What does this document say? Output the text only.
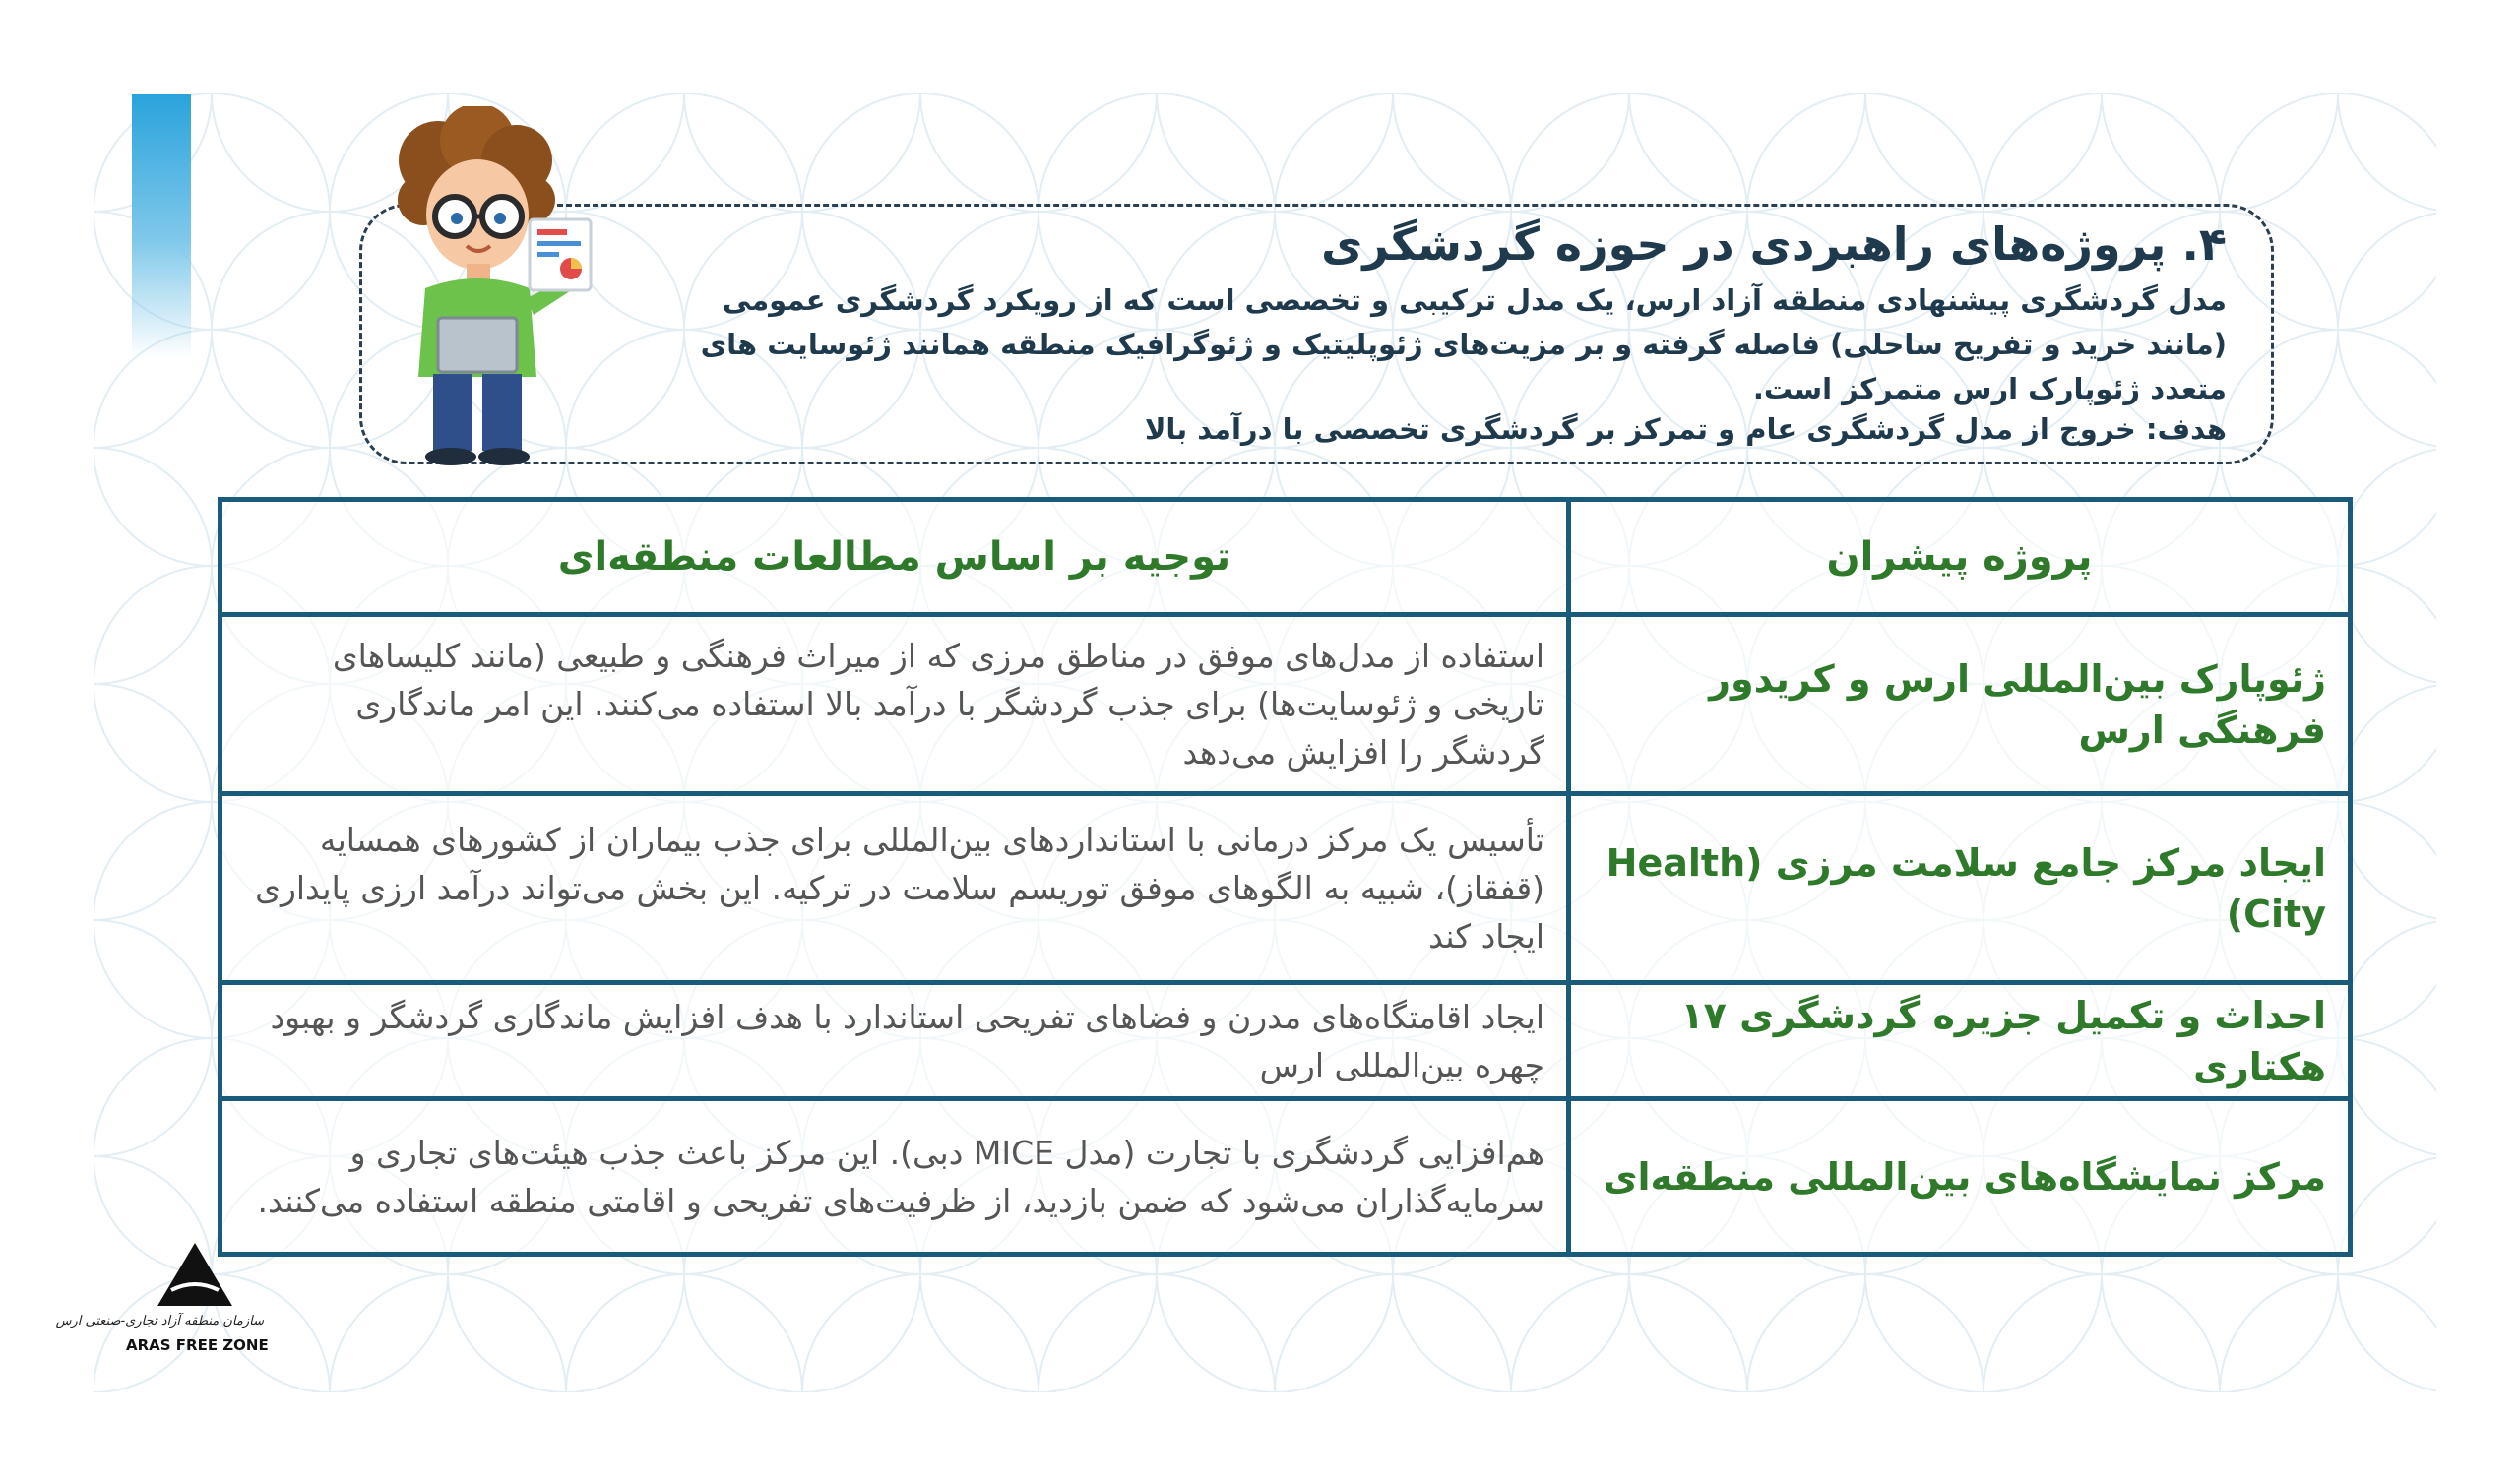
۴. پروژه‌های راهبردی در حوزه گردشگری
مدل گردشگری پیشنهادی منطقه آزاد ارس، یک مدل ترکیبی و تخصصی است که از رویکرد گردشگری عمومی (مانند خرید و تفریح ساحلی) فاصله گرفته و بر مزیت‌های ژئوپلیتیک و ژئوگرافیک منطقه همانند ژئوسایت های متعدد ژئوپارک ارس متمرکز است.
هدف: خروج از مدل گردشگری عام و تمرکز بر گردشگری تخصصی با درآمد بالا
پروژه پیشران	توجیه بر اساس مطالعات منطقه‌ای
ژئوپارک بین‌المللی ارس و کریدور فرهنگی ارس	استفاده از مدل‌های موفق در مناطق مرزی که از میراث فرهنگی و طبیعی (مانند کلیساهای تاریخی و ژئوسایت‌ها) برای جذب گردشگر با درآمد بالا استفاده می‌کنند. این امر ماندگاری گردشگر را افزایش می‌دهد
ایجاد مرکز جامع سلامت مرزی (Health City)	تأسیس یک مرکز درمانی با استانداردهای بین‌المللی برای جذب بیماران از کشورهای همسایه (قفقاز)، شبیه به الگوهای موفق توریسم سلامت در ترکیه. این بخش می‌تواند درآمد ارزی پایداری ایجاد کند
احداث و تکمیل جزیره گردشگری ۱۷ هکتاری	ایجاد اقامتگاه‌های مدرن و فضاهای تفریحی استاندارد با هدف افزایش ماندگاری گردشگر و بهبود چهره بین‌المللی ارس
مرکز نمایشگاه‌های بین‌المللی منطقه‌ای	هم‌افزایی گردشگری با تجارت (مدل MICE دبی). این مرکز باعث جذب هیئت‌های تجاری و سرمایه‌گذاران می‌شود که ضمن بازدید، از ظرفیت‌های تفریحی و اقامتی منطقه استفاده می‌کنند.
سازمان منطقه آزاد تجاری-صنعتی ارس
ARAS FREE ZONE
